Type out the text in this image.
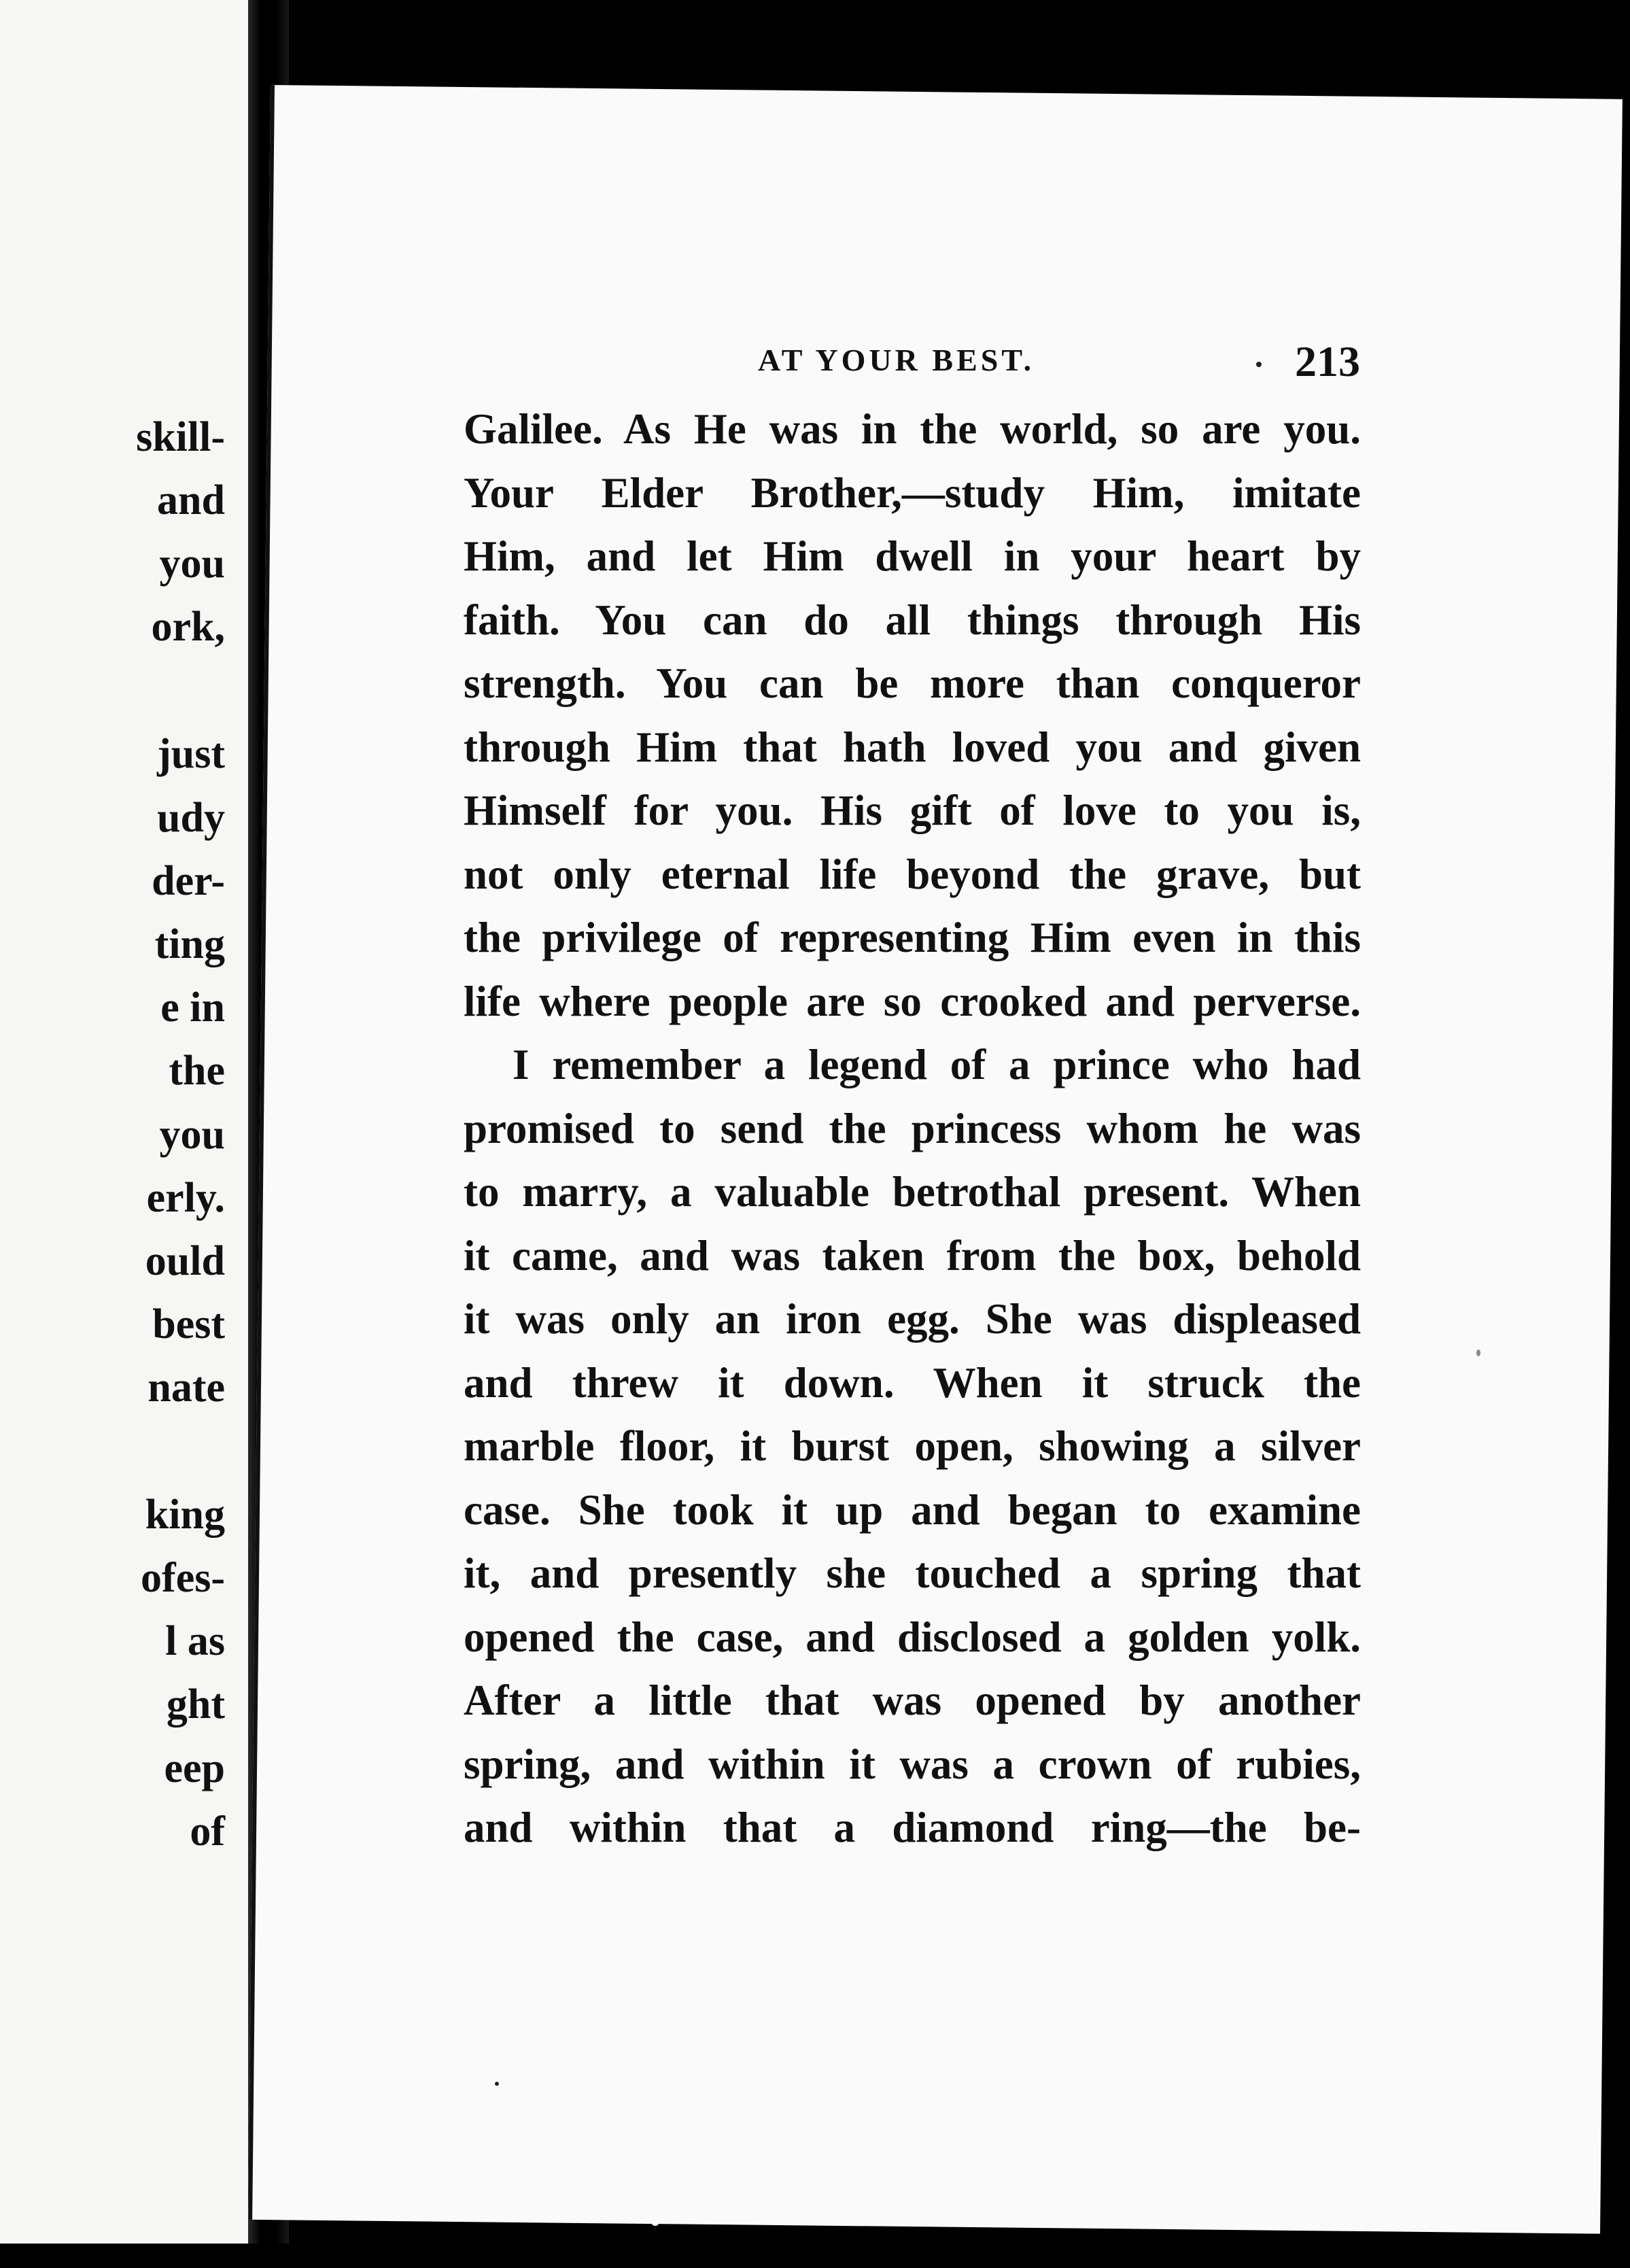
skill-
and
you
ork,
just
udy
der-
ting
e in
the
you
erly.
ould
best
nate
king
ofes-
l as
ght
eep
of
AT YOUR BEST.	213
Galilee. As He was in the world, so are you.
Your Elder Brother,—study Him, imitate
Him, and let Him dwell in your heart by
faith. You can do all things through His
strength. You can be more than conqueror
through Him that hath loved you and given
Himself for you. His gift of love to you is,
not only eternal life beyond the grave, but
the privilege of representing Him even in this
life where people are so crooked and perverse.
I remember a legend of a prince who had
promised to send the princess whom he was
to marry, a valuable betrothal present. When
it came, and was taken from the box, behold
it was only an iron egg. She was displeased
and threw it down. When it struck the
marble floor, it burst open, showing a silver
case. She took it up and began to examine
it, and presently she touched a spring that
opened the case, and disclosed a golden yolk.
After a little that was opened by another
spring, and within it was a crown of rubies,
and within that a diamond ring—the be-
